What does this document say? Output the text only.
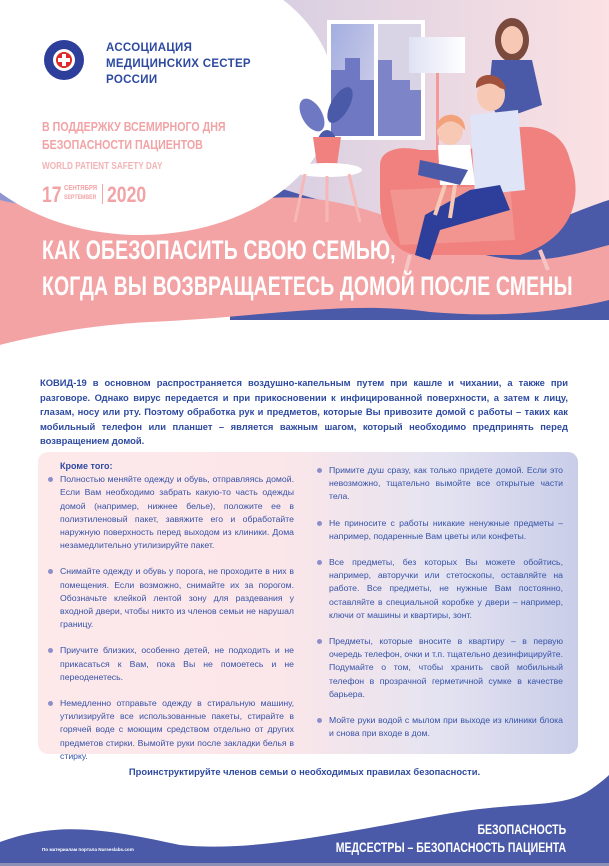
АССОЦИАЦИЯ
МЕДИЦИНСКИХ СЕСТЕР
РОССИИ
В ПОДДЕРЖКУ ВСЕМИРНОГО ДНЯ
БЕЗОПАСНОСТИ ПАЦИЕНТОВ
WORLD PATIENT SAFETY DAY
17 СЕНТЯБРЯ
SEPTEMBER 2020
КАК ОБЕЗОПАСИТЬ СВОЮ СЕМЬЮ,
КОГДА ВЫ ВОЗВРАЩАЕТЕСЬ ДОМОЙ ПОСЛЕ СМЕНЫ
КОВИД-19 в основном распространяется воздушно-капельным путем при кашле и чихании, а также при разговоре. Однако вирус передается и при прикосновении к инфицированной поверхности, а затем к лицу, глазам, носу или рту. Поэтому обработка рук и предметов, которые Вы привозите домой с работы – таких как мобильный телефон или планшет – является важным шагом, который необходимо предпринять перед возвращением домой.
Кроме того:
Полностью меняйте одежду и обувь, отправляясь домой. Если Вам необходимо забрать какую-то часть одежды домой (например, нижнее белье), положите ее в полиэтиленовый пакет, завяжите его и обработайте наружную поверхность перед выходом из клиники. Дома незамедлительно утилизируйте пакет.
Снимайте одежду и обувь у порога, не проходите в них в помещения. Если возможно, снимайте их за порогом. Обозначьте клейкой лентой зону для раздевания у входной двери, чтобы никто из членов семьи не нарушал границу.
Приучите близких, особенно детей, не подходить и не прикасаться к Вам, пока Вы не помоетесь и не переоденетесь.
Немедленно отправьте одежду в стиральную машину, утилизируйте все использованные пакеты, стирайте в горячей воде с моющим средством отдельно от других предметов стирки. Вымойте руки после закладки белья в стирку.
Примите душ сразу, как только придете домой. Если это невозможно, тщательно вымойте все открытые части тела.
Не приносите с работы никакие ненужные предметы – например, подаренные Вам цветы или конфеты.
Все предметы, без которых Вы можете обойтись, например, авторучки или стетоскопы, оставляйте на работе. Все предметы, не нужные Вам постоянно, оставляйте в специальной коробке у двери – например, ключи от машины и квартиры, зонт.
Предметы, которые вносите в квартиру – в первую очередь телефон, очки и т.п. тщательно дезинфицируйте. Подумайте о том, чтобы хранить свой мобильный телефон в прозрачной герметичной сумке в качестве барьера.
Мойте руки водой с мылом при выходе из клиники блока и снова при входе в дом.
Проинструктируйте членов семьи о необходимых правилах безопасности.
По материалам портала Nurseslabs.com
БЕЗОПАСНОСТЬ
МЕДСЕСТРЫ – БЕЗОПАСНОСТЬ ПАЦИЕНТА
